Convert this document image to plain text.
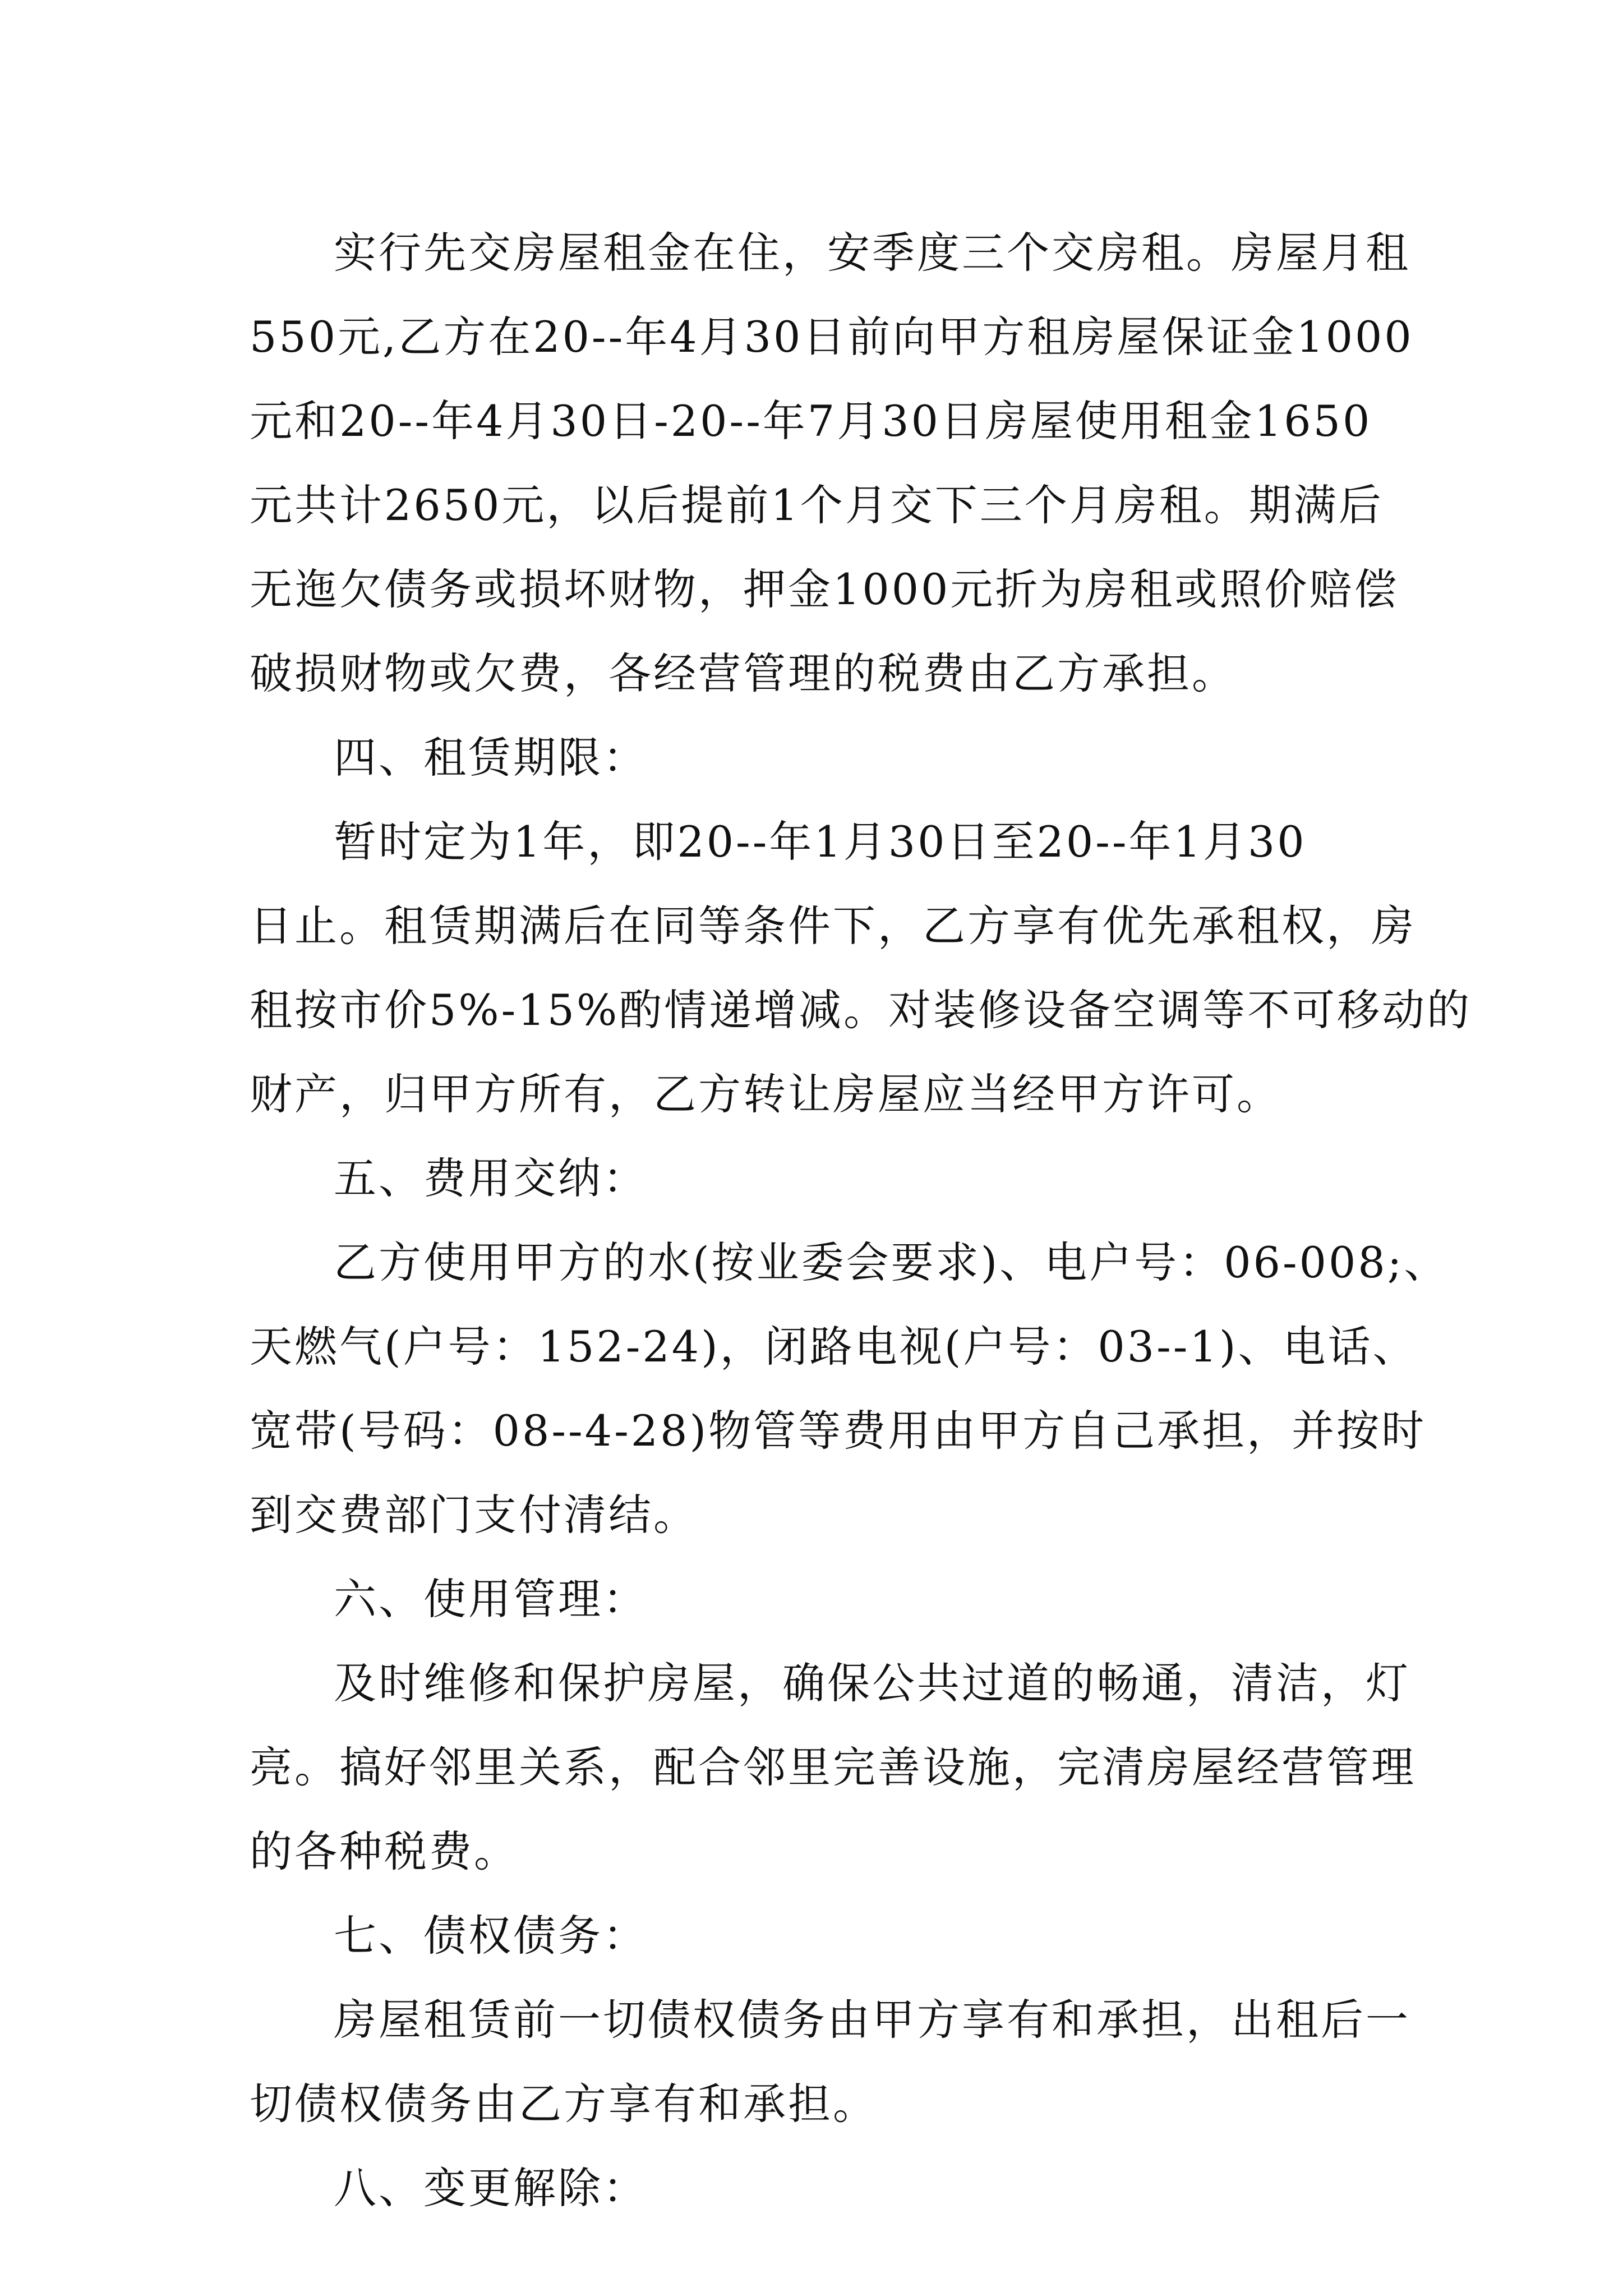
实行先交房屋租金在住，安季度三个交房租。房屋月租
550元,乙方在20--年4月30日前向甲方租房屋保证金1000
元和20--年4月30日-20--年7月30日房屋使用租金1650
元共计2650元，以后提前1个月交下三个月房租。期满后
无迤欠债务或损坏财物，押金1000元折为房租或照价赔偿
破损财物或欠费，各经营管理的税费由乙方承担。
四、租赁期限：
暂时定为1年，即20--年1月30日至20--年1月30
日止。租赁期满后在同等条件下，乙方享有优先承租权，房
租按市价5%-15%酌情递增减。对装修设备空调等不可移动的
财产，归甲方所有，乙方转让房屋应当经甲方许可。
五、费用交纳：
乙方使用甲方的水(按业委会要求)、电户号：06-008;、
天燃气(户号：152-24)，闭路电视(户号：03--1)、电话、
宽带(号码：08--4-28)物管等费用由甲方自己承担，并按时
到交费部门支付清结。
六、使用管理：
及时维修和保护房屋，确保公共过道的畅通，清洁，灯
亮。搞好邻里关系，配合邻里完善设施，完清房屋经营管理
的各种税费。
七、债权债务：
房屋租赁前一切债权债务由甲方享有和承担，出租后一
切债权债务由乙方享有和承担。
八、变更解除：
